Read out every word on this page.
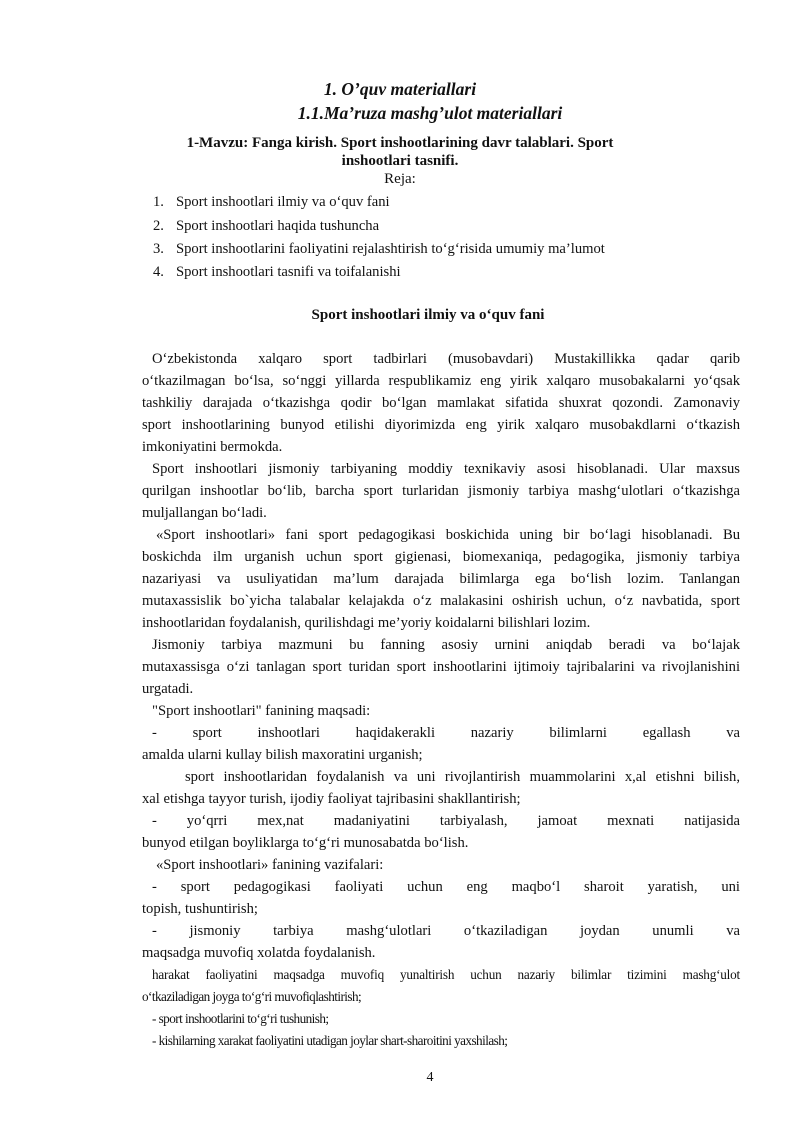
1. O’quv materiallari
1.1.Ma’ruza mashg’ulot materiallari
1-Mavzu: Fanga kirish. Sport inshootlarining davr talablari. Sport
inshootlari tasnifi.
Reja:
1. Sport inshootlari ilmiy va o‘quv fani
2. Sport inshootlari haqida tushuncha
3. Sport inshootlarini faoliyatini rejalashtirish to‘g‘risida umumiy ma’lumot
4. Sport inshootlari tasnifi va toifalanishi
Sport inshootlari ilmiy va o‘quv fani
O‘zbekistonda xalqaro sport tadbirlari (musobavdari) Mustakillikka qadar qarib
o‘tkazilmagan bo‘lsa, so‘nggi yillarda respublikamiz eng yirik xalqaro musobakalarni yo‘qsak
tashkiliy darajada o‘tkazishga qodir bo‘lgan mamlakat sifatida shuxrat qozondi. Zamonaviy
sport inshootlarining bunyod etilishi diyorimizda eng yirik xalqaro musobakdlarni o‘tkazish
imkoniyatini bermokda.
Sport inshootlari jismoniy tarbiyaning moddiy texnikaviy asosi hisoblanadi. Ular maxsus
qurilgan inshootlar bo‘lib, barcha sport turlaridan jismoniy tarbiya mashg‘ulotlari o‘tkazishga
muljallangan bo‘ladi.
«Sport inshootlari» fani sport pedagogikasi boskichida uning bir bo‘lagi hisoblanadi. Bu
boskichda ilm urganish uchun sport gigienasi, biomexaniqa, pedagogika, jismoniy tarbiya
nazariyasi va usuliyatidan ma’lum darajada bilimlarga ega bo‘lish lozim. Tanlangan
mutaxassislik bo`yicha talabalar kelajakda o‘z malakasini oshirish uchun, o‘z navbatida, sport
inshootlaridan foydalanish, qurilishdagi me’yoriy koidalarni bilishlari lozim.
Jismoniy tarbiya mazmuni bu fanning asosiy urnini aniqdab beradi va bo‘lajak
mutaxassisga o‘zi tanlagan sport turidan sport inshootlarini ijtimoiy tajribalarini va rivojlanishini
urgatadi.
"Sport inshootlari" fanining maqsadi:
- sport inshootlari haqidakerakli nazariy bilimlarni egallash va
amalda ularni kullay bilish maxoratini urganish;
sport inshootlaridan foydalanish va uni rivojlantirish muammolarini x,al etishni bilish,
xal etishga tayyor turish, ijodiy faoliyat tajribasini shakllantirish;
- yo‘qrri mex,nat madaniyatini tarbiyalash, jamoat mexnati natijasida
bunyod etilgan boyliklarga to‘g‘ri munosabatda bo‘lish.
«Sport inshootlari» fanining vazifalari:
- sport pedagogikasi faoliyati uchun eng maqbo‘l sharoit yaratish, uni
topish, tushuntirish;
- jismoniy tarbiya mashg‘ulotlari o‘tkaziladigan joydan unumli va
maqsadga muvofiq xolatda foydalanish.
harakat faoliyatini maqsadga muvofiq yunaltirish uchun nazariy bilimlar tizimini mashg‘ulot
o‘tkaziladigan joyga to‘g‘ri muvofiqlashtirish;
- sport inshootlarini to‘g‘ri tushunish;
- kishilarning xarakat faoliyatini utadigan joylar shart-sharoitini yaxshilash;
4
